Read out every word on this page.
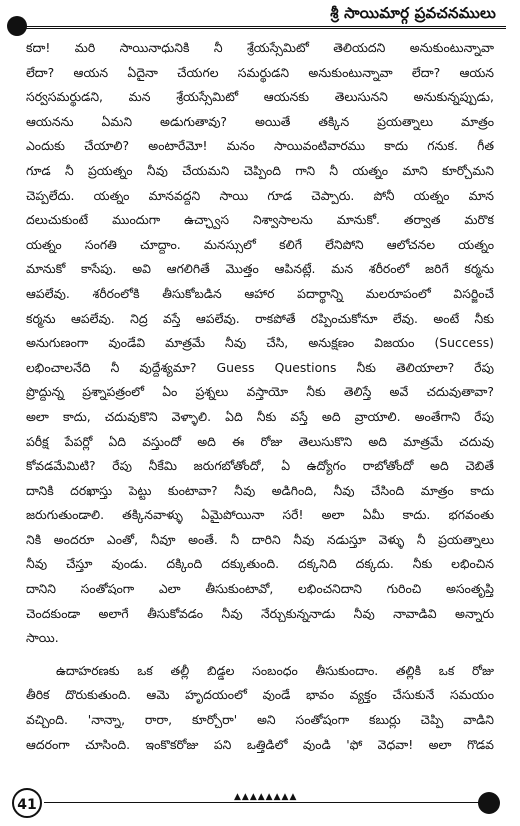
శ్రీ సాయిమార్గ ప్రవచనములు
కదా! మరి సాయినాధునికి నీ శ్రేయస్సేమిటో తెలియదని అనుకుంటున్నావా
లేదా? ఆయన ఏదైనా చేయగల సమర్థుడని అనుకుంటున్నావా లేదా? ఆయన
సర్వసమర్థుడని, మన శ్రేయస్సేమిటో ఆయనకు తెలుసునని అనుకున్నప్పుడు,
ఆయనను ఏమని అడుగుతావు? అయితే తక్కిన ప్రయత్నాలు మాత్రం
ఎందుకు చేయాలి? అంటారేమో! మనం సాయివంటివారము కాదు గనుక. గీత
గూడ నీ ప్రయత్నం నీవు చేయమని చెప్పింది గాని నీ యత్నం మాని కూర్చోమని
చెప్పలేదు. యత్నం మానవద్దని సాయి గూడ చెప్పారు. పోనీ యత్నం మాన
దలుచుకుంటే ముందుగా ఉచ్ఛ్వాస నిశ్వాసాలను మానుకో. తర్వాత మరొక
యత్నం సంగతి చూద్దాం. మనస్సులో కలిగే లేనిపోని ఆలోచనల యత్నం
మానుకో కాసేపు. అవి ఆగలిగితే మొత్తం ఆపినట్లే. మన శరీరంలో జరిగే కర్మను
ఆపలేవు. శరీరంలోకి తీసుకోబడిన ఆహార పదార్థాన్ని మలరూపంలో విసర్జించే
కర్మను ఆపలేవు. నిద్ర వస్తే ఆపలేవు. రాకపోతే రప్పించుకోనూ లేవు. అంటే నీకు
అనుగుణంగా వుండేవి మాత్రమే నీవు చేసి, అనుక్షణం విజయం (Success)
లభించాలనేది నీ వుద్దేశ్యమా? Guess Questions నీకు తెలియాలా? రేపు
ప్రొద్దున్న ప్రశ్నాపత్రంలో ఏం ప్రశ్నలు వస్తాయో నీకు తెలిస్తే అవే చదువుతావా?
అలా కాదు, చదువుకొని వెళ్ళాలి. ఏది నీకు వస్తే అది వ్రాయాలి. అంతేగాని రేపు
పరీక్ష పేపర్లో ఏది వస్తుందో అది ఈ రోజు తెలుసుకొని అది మాత్రమే చదువు
కోవడమేమిటి? రేపు నీకేమి జరుగబోతోందో, ఏ ఉద్యోగం రాబోతోందో అది చెబితే
దానికి దరఖాస్తు పెట్టు కుంటావా? నీవు అడిగింది, నీవు చేసింది మాత్రం కాదు
జరుగుతుండాలి. తక్కినవాళ్ళు ఏమైపోయినా సరే! అలా ఏమీ కాదు. భగవంతు
నికి అందరూ ఎంతో, నీవూ అంతే. నీ దారిని నీవు నడుస్తూ వెళ్ళు నీ ప్రయత్నాలు
నీవు చేస్తూ వుండు. దక్కింది దక్కుతుంది. దక్కనిది దక్కదు. నీకు లభించిన
దానిని సంతోషంగా ఎలా తీసుకుంటావో, లభించనిదాని గురించి అసంతృప్తి
చెందకుండా అలాగే తీసుకోవడం నీవు నేర్చుకున్ననాడు నీవు నావాడివి అన్నారు
సాయి.
ఉదాహరణకు ఒక తల్లీ బిడ్డల సంబంధం తీసుకుందాం. తల్లికి ఒక రోజు
తీరిక దొరుకుతుంది. ఆమె హృదయంలో వుండే భావం వ్యక్తం చేసుకునే సమయం
వచ్చింది. 'నాన్నా, రారా, కూర్చోరా' అని సంతోషంగా కబుర్లు చెప్పి వాడిని
ఆదరంగా చూసింది. ఇంకొకరోజు పని ఒత్తిడిలో వుండి 'ఫో వెధవా! అలా గొడవ
41	▲▲▲▲▲▲▲▲
